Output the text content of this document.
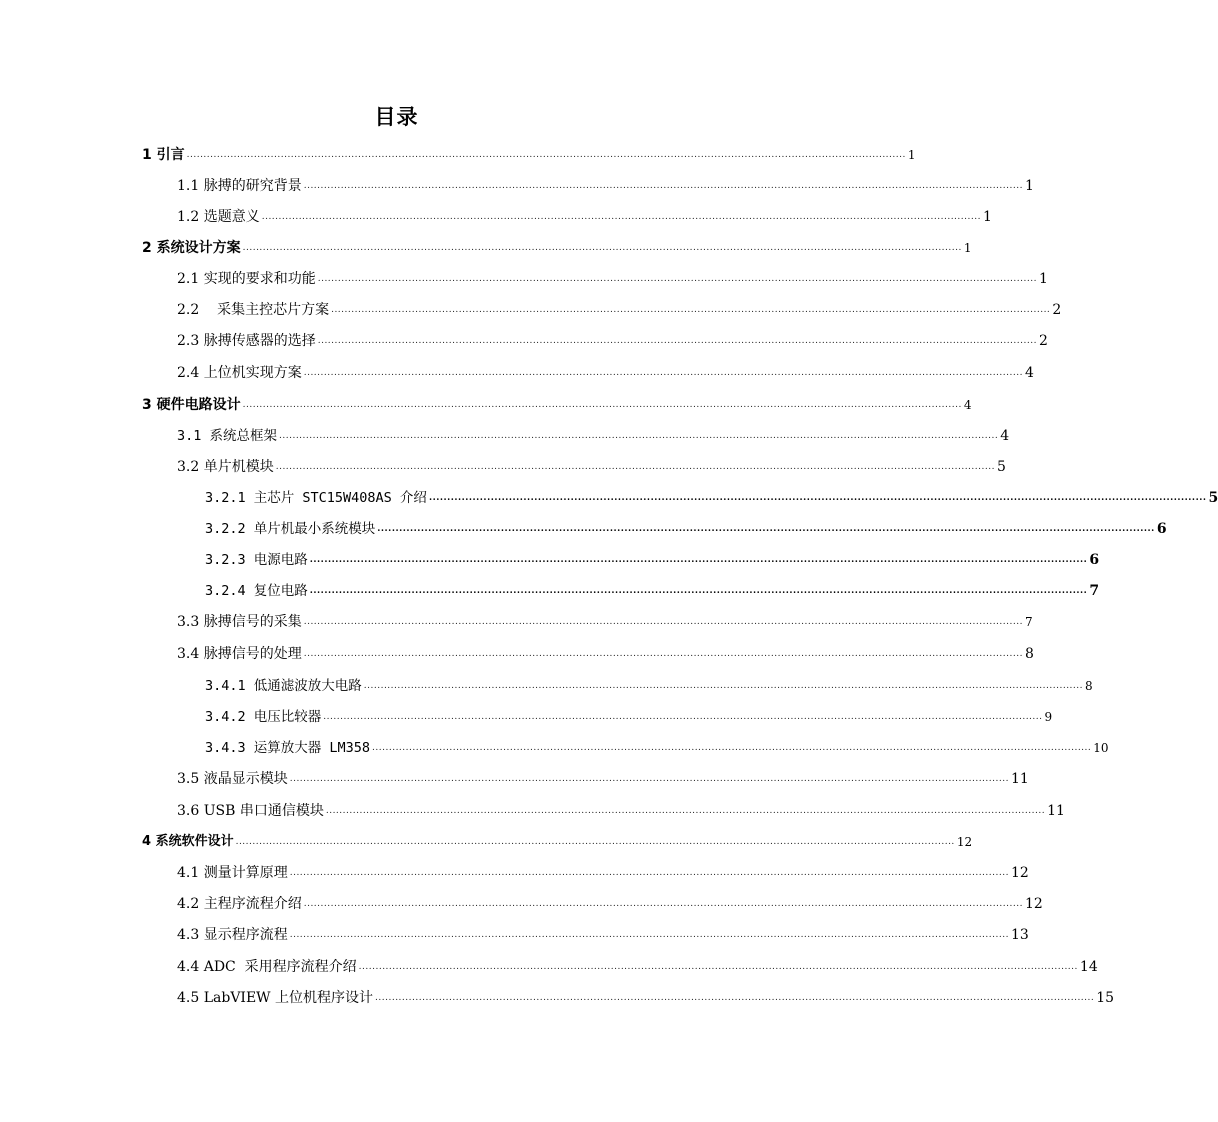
目录
1 引言 ...................................................................................................................................................................................................................... 1
1.1 脉搏的研究背景 ...................................................................................................................................................................................................................... 1
1.2 选题意义 ...................................................................................................................................................................................................................... 1
2 系统设计方案 ...................................................................................................................................................................................................................... 1
2.1 实现的要求和功能 ...................................................................................................................................................................................................................... 1
2.2    采集主控芯片方案 ...................................................................................................................................................................................................................... 2
2.3 脉搏传感器的选择 ...................................................................................................................................................................................................................... 2
2.4 上位机实现方案 ...................................................................................................................................................................................................................... 4
3 硬件电路设计 ...................................................................................................................................................................................................................... 4
3.1 系统总框架 ...................................................................................................................................................................................................................... 4
3.2 单片机模块 ...................................................................................................................................................................................................................... 5
3.2.1 主芯片 STC15W408AS 介绍 ...................................................................................................................................................................................................................... 5
3.2.2 单片机最小系统模块 ...................................................................................................................................................................................................................... 6
3.2.3 电源电路 ...................................................................................................................................................................................................................... 6
3.2.4 复位电路 ...................................................................................................................................................................................................................... 7
3.3 脉搏信号的采集 ...................................................................................................................................................................................................................... 7
3.4 脉搏信号的处理 ...................................................................................................................................................................................................................... 8
3.4.1 低通滤波放大电路 ...................................................................................................................................................................................................................... 8
3.4.2 电压比较器 ...................................................................................................................................................................................................................... 9
3.4.3 运算放大器 LM358 ...................................................................................................................................................................................................................... 10
3.5 液晶显示模块 ...................................................................................................................................................................................................................... 11
3.6 USB 串口通信模块 ...................................................................................................................................................................................................................... 11
4 系统软件设计 ...................................................................................................................................................................................................................... 12
4.1 测量计算原理 ...................................................................................................................................................................................................................... 12
4.2 主程序流程介绍 ...................................................................................................................................................................................................................... 12
4.3 显示程序流程 ...................................................................................................................................................................................................................... 13
4.4 ADC  采用程序流程介绍 ...................................................................................................................................................................................................................... 14
4.5 LabVIEW 上位机程序设计 ...................................................................................................................................................................................................................... 15
